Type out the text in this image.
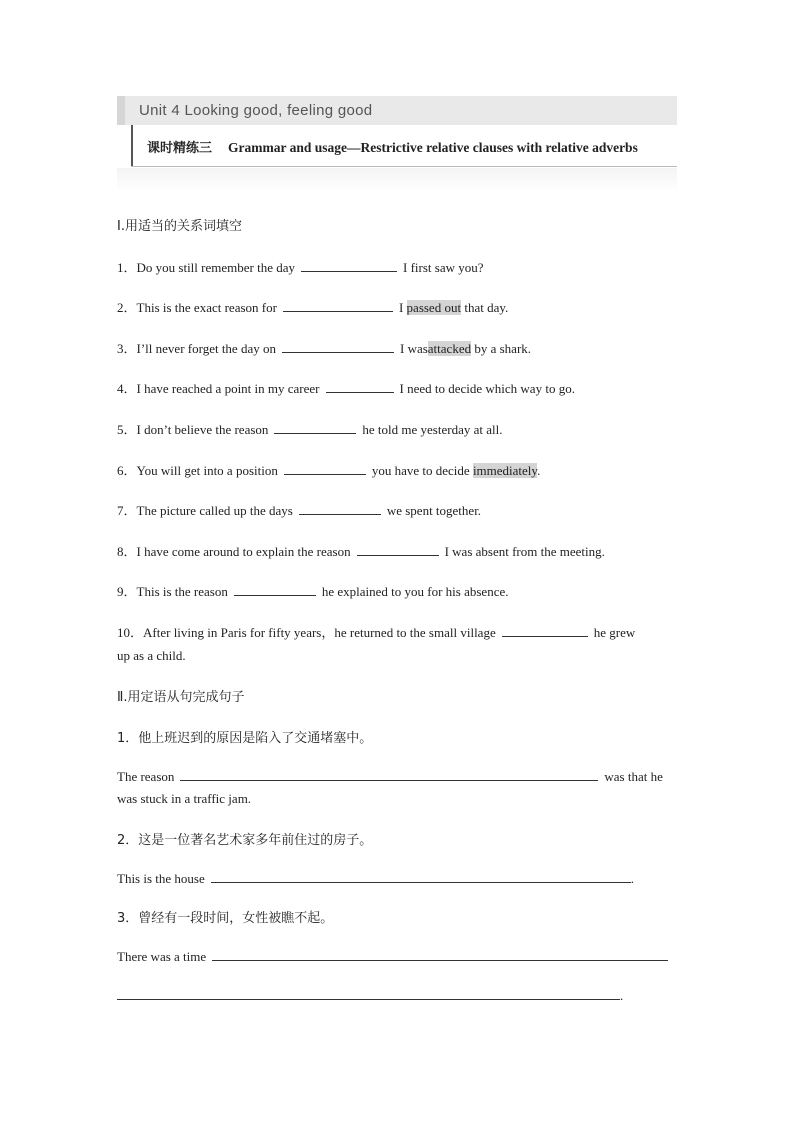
Unit 4 Looking good, feeling good
课时精练三 Grammar and usage—Restrictive relative clauses with relative adverbs
Ⅰ.用适当的关系词填空
1．Do you still remember the day	I first saw you?
2．This is the exact reason for	I passed out that day.
3．I’ll never forget the day on	I wasattacked by a shark.
4．I have reached a point in my career	I need to decide which way to go.
5．I don’t believe the reason	he told me yesterday at all.
6．You will get into a position	you have to decide immediately.
7．The picture called up the days	we spent together.
8．I have come around to explain the reason	I was absent from the meeting.
9．This is the reason	he explained to you for his absence.
10．After living in Paris for fifty years，he returned to the small village	he grew
up as a child.
Ⅱ.用定语从句完成句子
1．他上班迟到的原因是陷入了交通堵塞中。
The reason	was that he
was stuck in a traffic jam.
2．这是一位著名艺术家多年前住过的房子。
This is the house	.
3．曾经有一段时间，女性被瞧不起。
There was a time
.
